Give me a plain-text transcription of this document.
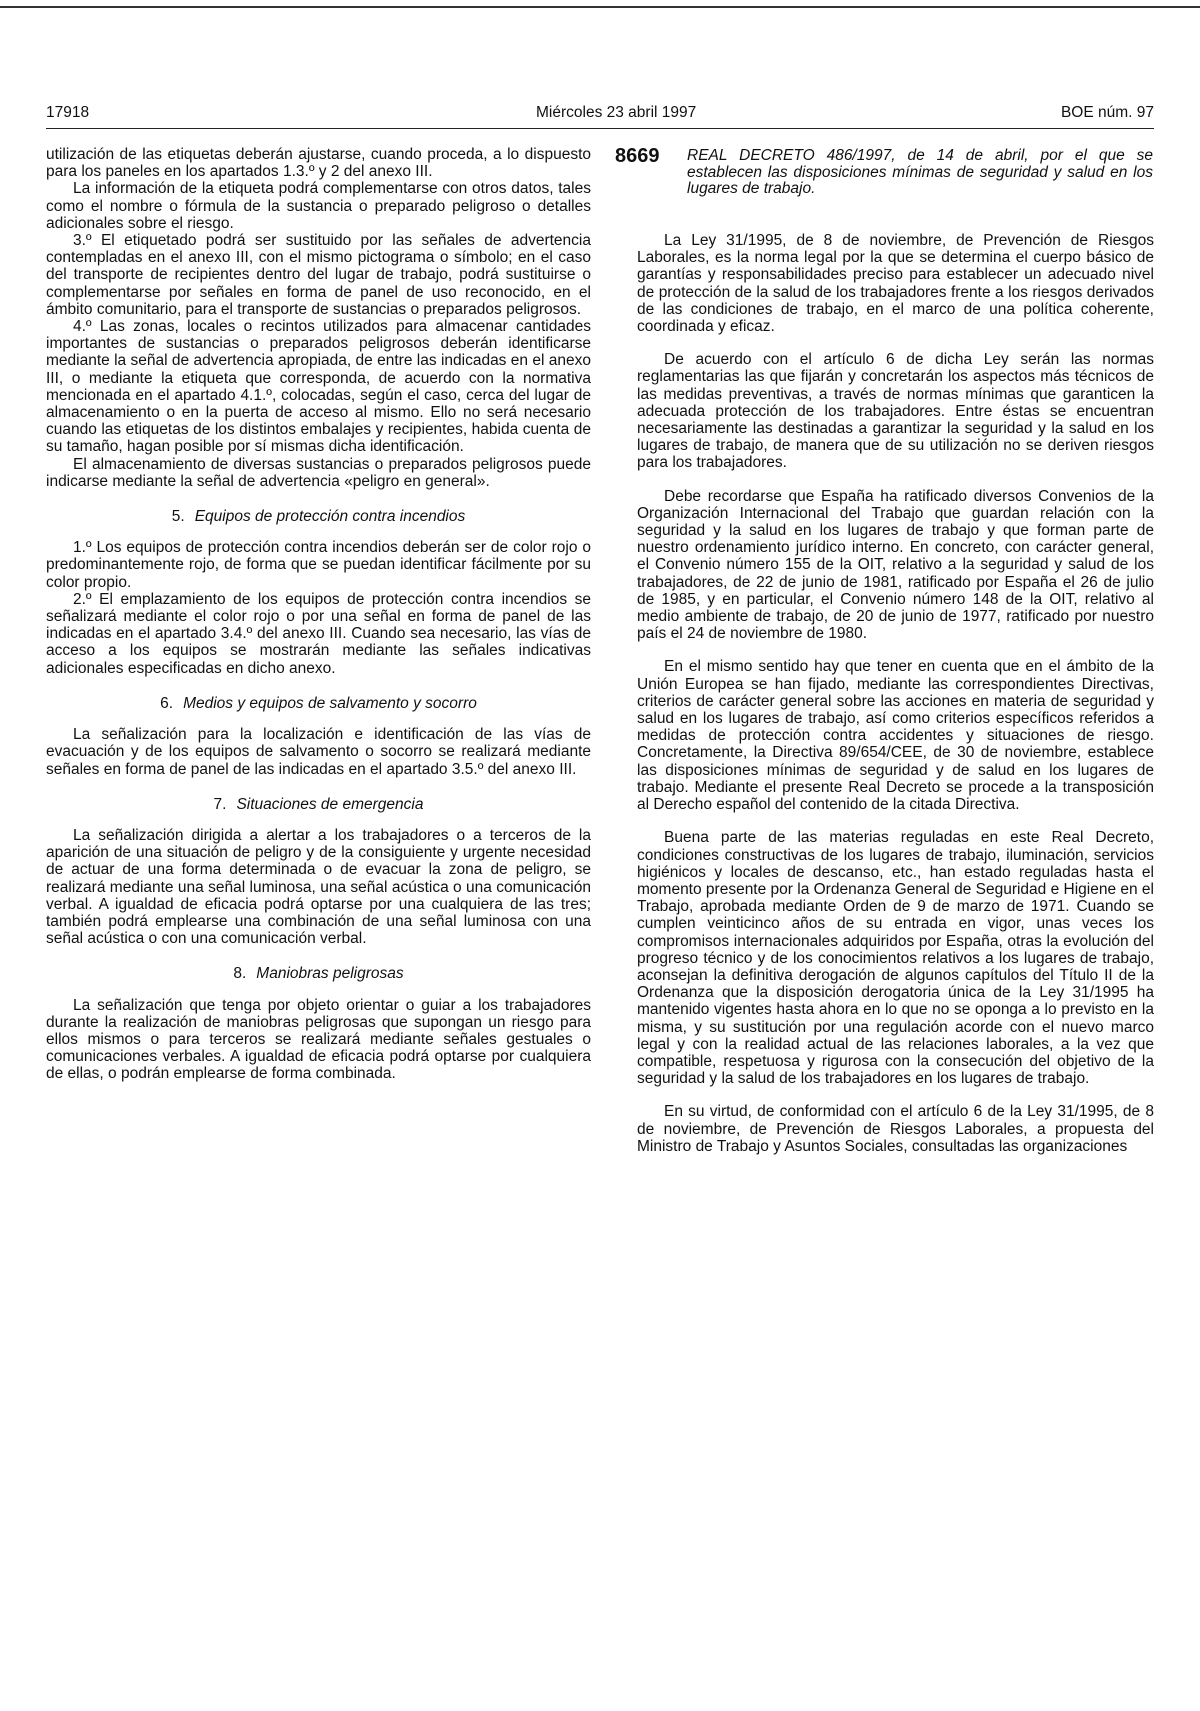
17918	Miércoles 23 abril 1997	BOE núm. 97

utilización de las etiquetas deberán ajustarse, cuando proceda, a lo dispuesto para los paneles en los apartados 1.3.º y 2 del anexo III.

La información de la etiqueta podrá complementarse con otros datos, tales como el nombre o fórmula de la sustancia o preparado peligroso o detalles adicionales sobre el riesgo.

3.º El etiquetado podrá ser sustituido por las señales de advertencia contempladas en el anexo III, con el mismo pictograma o símbolo; en el caso del transporte de recipientes dentro del lugar de trabajo, podrá sustituirse o complementarse por señales en forma de panel de uso reconocido, en el ámbito comunitario, para el transporte de sustancias o preparados peligrosos.

4.º Las zonas, locales o recintos utilizados para almacenar cantidades importantes de sustancias o preparados peligrosos deberán identificarse mediante la señal de advertencia apropiada, de entre las indicadas en el anexo III, o mediante la etiqueta que corresponda, de acuerdo con la normativa mencionada en el apartado 4.1.º, colocadas, según el caso, cerca del lugar de almacenamiento o en la puerta de acceso al mismo. Ello no será necesario cuando las etiquetas de los distintos embalajes y recipientes, habida cuenta de su tamaño, hagan posible por sí mismas dicha identificación.

El almacenamiento de diversas sustancias o preparados peligrosos puede indicarse mediante la señal de advertencia «peligro en general».

5. Equipos de protección contra incendios

1.º Los equipos de protección contra incendios deberán ser de color rojo o predominantemente rojo, de forma que se puedan identificar fácilmente por su color propio.

2.º El emplazamiento de los equipos de protección contra incendios se señalizará mediante el color rojo o por una señal en forma de panel de las indicadas en el apartado 3.4.º del anexo III. Cuando sea necesario, las vías de acceso a los equipos se mostrarán mediante las señales indicativas adicionales especificadas en dicho anexo.

6. Medios y equipos de salvamento y socorro

La señalización para la localización e identificación de las vías de evacuación y de los equipos de salvamento o socorro se realizará mediante señales en forma de panel de las indicadas en el apartado 3.5.º del anexo III.

7. Situaciones de emergencia

La señalización dirigida a alertar a los trabajadores o a terceros de la aparición de una situación de peligro y de la consiguiente y urgente necesidad de actuar de una forma determinada o de evacuar la zona de peligro, se realizará mediante una señal luminosa, una señal acústica o una comunicación verbal. A igualdad de eficacia podrá optarse por una cualquiera de las tres; también podrá emplearse una combinación de una señal luminosa con una señal acústica o con una comunicación verbal.

8. Maniobras peligrosas

La señalización que tenga por objeto orientar o guiar a los trabajadores durante la realización de maniobras peligrosas que supongan un riesgo para ellos mismos o para terceros se realizará mediante señales gestuales o comunicaciones verbales. A igualdad de eficacia podrá optarse por cualquiera de ellas, o podrán emplearse de forma combinada.

8669 REAL DECRETO 486/1997, de 14 de abril, por el que se establecen las disposiciones mínimas de seguridad y salud en los lugares de trabajo.

La Ley 31/1995, de 8 de noviembre, de Prevención de Riesgos Laborales, es la norma legal por la que se determina el cuerpo básico de garantías y responsabilidades preciso para establecer un adecuado nivel de protección de la salud de los trabajadores frente a los riesgos derivados de las condiciones de trabajo, en el marco de una política coherente, coordinada y eficaz.

De acuerdo con el artículo 6 de dicha Ley serán las normas reglamentarias las que fijarán y concretarán los aspectos más técnicos de las medidas preventivas, a través de normas mínimas que garanticen la adecuada protección de los trabajadores. Entre éstas se encuentran necesariamente las destinadas a garantizar la seguridad y la salud en los lugares de trabajo, de manera que de su utilización no se deriven riesgos para los trabajadores.

Debe recordarse que España ha ratificado diversos Convenios de la Organización Internacional del Trabajo que guardan relación con la seguridad y la salud en los lugares de trabajo y que forman parte de nuestro ordenamiento jurídico interno. En concreto, con carácter general, el Convenio número 155 de la OIT, relativo a la seguridad y salud de los trabajadores, de 22 de junio de 1981, ratificado por España el 26 de julio de 1985, y en particular, el Convenio número 148 de la OIT, relativo al medio ambiente de trabajo, de 20 de junio de 1977, ratificado por nuestro país el 24 de noviembre de 1980.

En el mismo sentido hay que tener en cuenta que en el ámbito de la Unión Europea se han fijado, mediante las correspondientes Directivas, criterios de carácter general sobre las acciones en materia de seguridad y salud en los lugares de trabajo, así como criterios específicos referidos a medidas de protección contra accidentes y situaciones de riesgo. Concretamente, la Directiva 89/654/CEE, de 30 de noviembre, establece las disposiciones mínimas de seguridad y de salud en los lugares de trabajo. Mediante el presente Real Decreto se procede a la transposición al Derecho español del contenido de la citada Directiva.

Buena parte de las materias reguladas en este Real Decreto, condiciones constructivas de los lugares de trabajo, iluminación, servicios higiénicos y locales de descanso, etc., han estado reguladas hasta el momento presente por la Ordenanza General de Seguridad e Higiene en el Trabajo, aprobada mediante Orden de 9 de marzo de 1971. Cuando se cumplen veinticinco años de su entrada en vigor, unas veces los compromisos internacionales adquiridos por España, otras la evolución del progreso técnico y de los conocimientos relativos a los lugares de trabajo, aconsejan la definitiva derogación de algunos capítulos del Título II de la Ordenanza que la disposición derogatoria única de la Ley 31/1995 ha mantenido vigentes hasta ahora en lo que no se oponga a lo previsto en la misma, y su sustitución por una regulación acorde con el nuevo marco legal y con la realidad actual de las relaciones laborales, a la vez que compatible, respetuosa y rigurosa con la consecución del objetivo de la seguridad y la salud de los trabajadores en los lugares de trabajo.

En su virtud, de conformidad con el artículo 6 de la Ley 31/1995, de 8 de noviembre, de Prevención de Riesgos Laborales, a propuesta del Ministro de Trabajo y Asuntos Sociales, consultadas las organizaciones
